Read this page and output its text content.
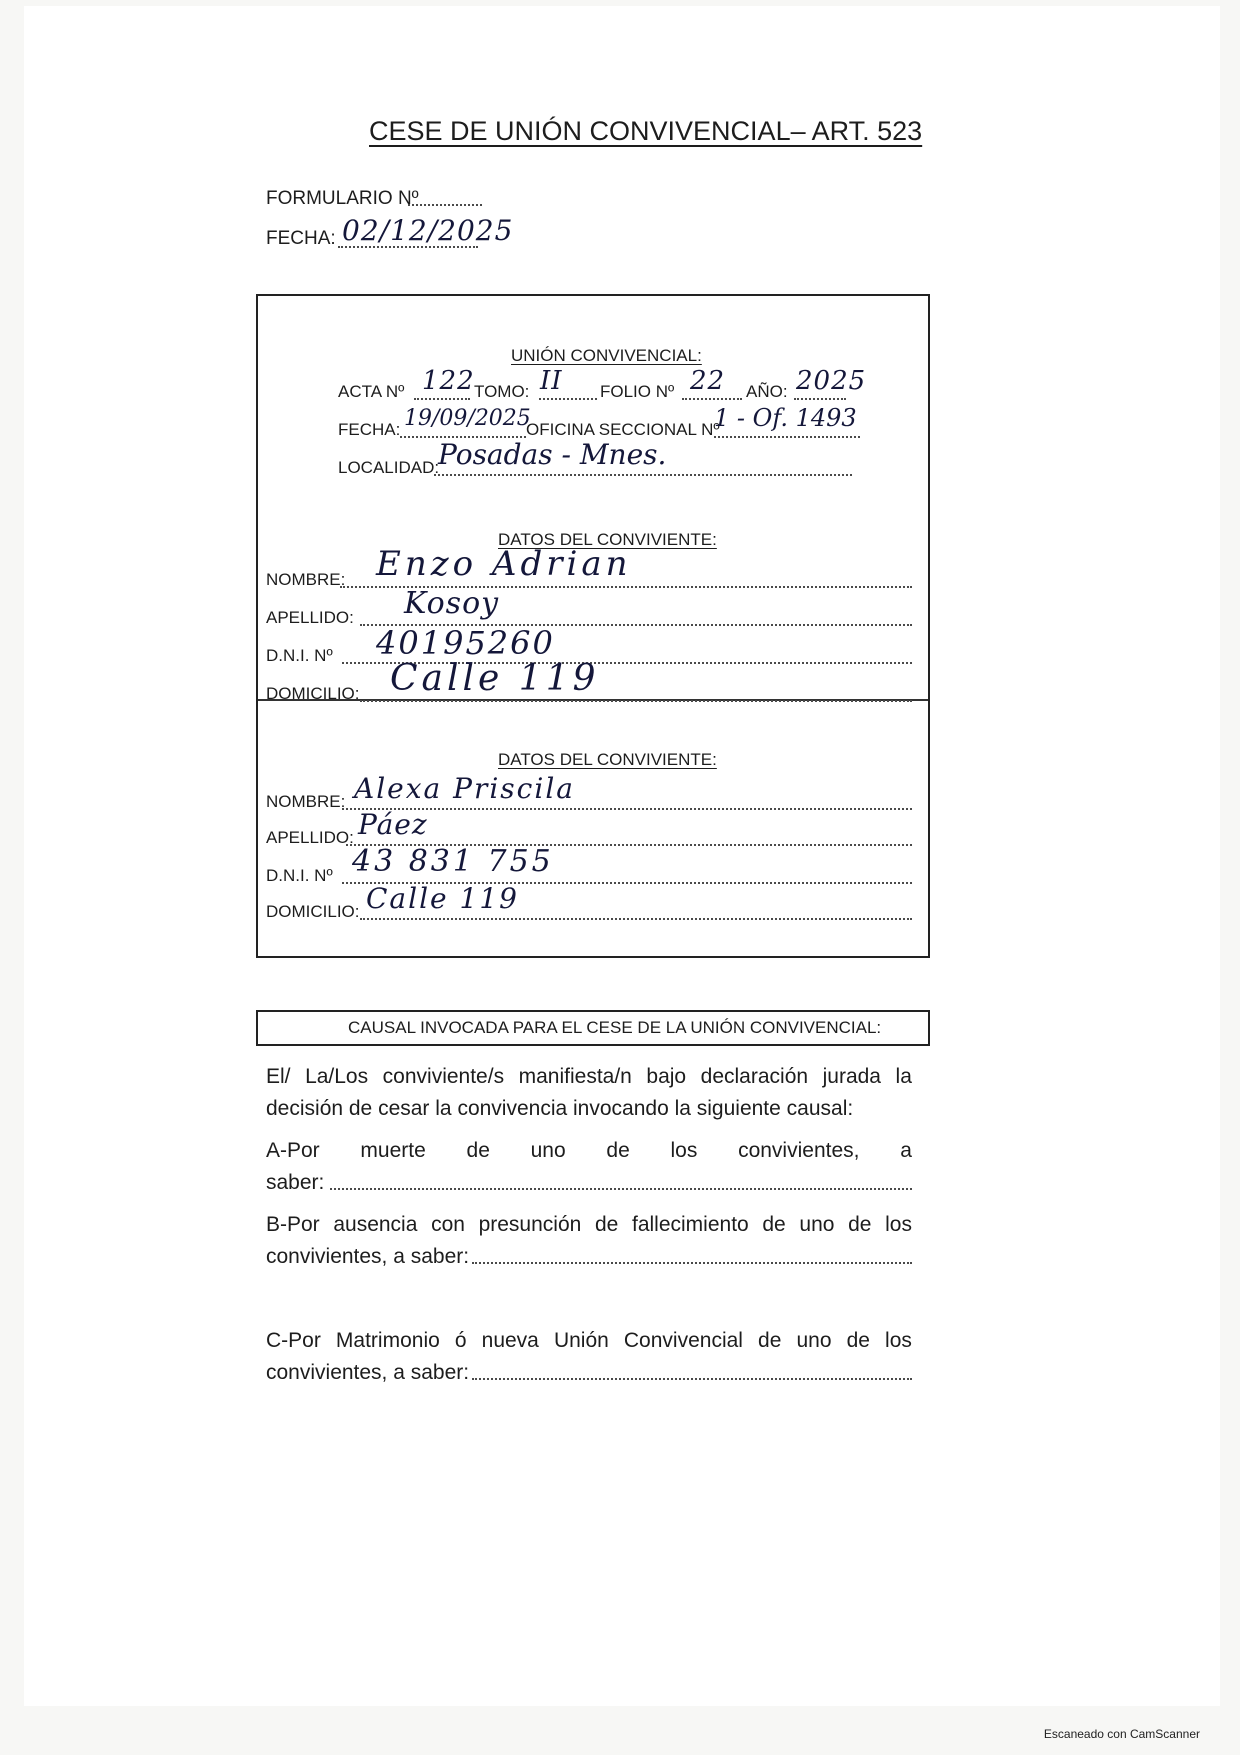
CESE DE UNIÓN CONVIVENCIAL– ART. 523
FORMULARIO Nº
FECHA: 02/12/2025
UNIÓN CONVIVENCIAL:
ACTA Nº 122 TOMO: II FOLIO Nº 22 AÑO: 2025
FECHA: 19/09/2025
OFICINA SECCIONAL Nº
1 - Of. 1493
LOCALIDAD:
Posadas - Mnes.
DATOS DEL CONVIVIENTE:
NOMBRE: Enzo Adrian
APELLIDO: Kosoy
D.N.I. Nº 40195260
DOMICILIO: Calle 119
DATOS DEL CONVIVIENTE:
NOMBRE: Alexa Priscila
APELLIDO: Páez
D.N.I. Nº 43 831 755
DOMICILIO: Calle 119
CAUSAL INVOCADA PARA EL CESE DE LA UNIÓN CONVIVENCIAL:
El/ La/Los conviviente/s manifiesta/n bajo declaración jurada la
decisión de cesar la convivencia invocando la siguiente causal:
A-Por muerte de uno de los convivientes, a
saber:
B-Por ausencia con presunción de fallecimiento de uno de los
convivientes, a saber:
C-Por Matrimonio ó nueva Unión Convivencial de uno de los
convivientes, a saber:
Escaneado con CamScanner
